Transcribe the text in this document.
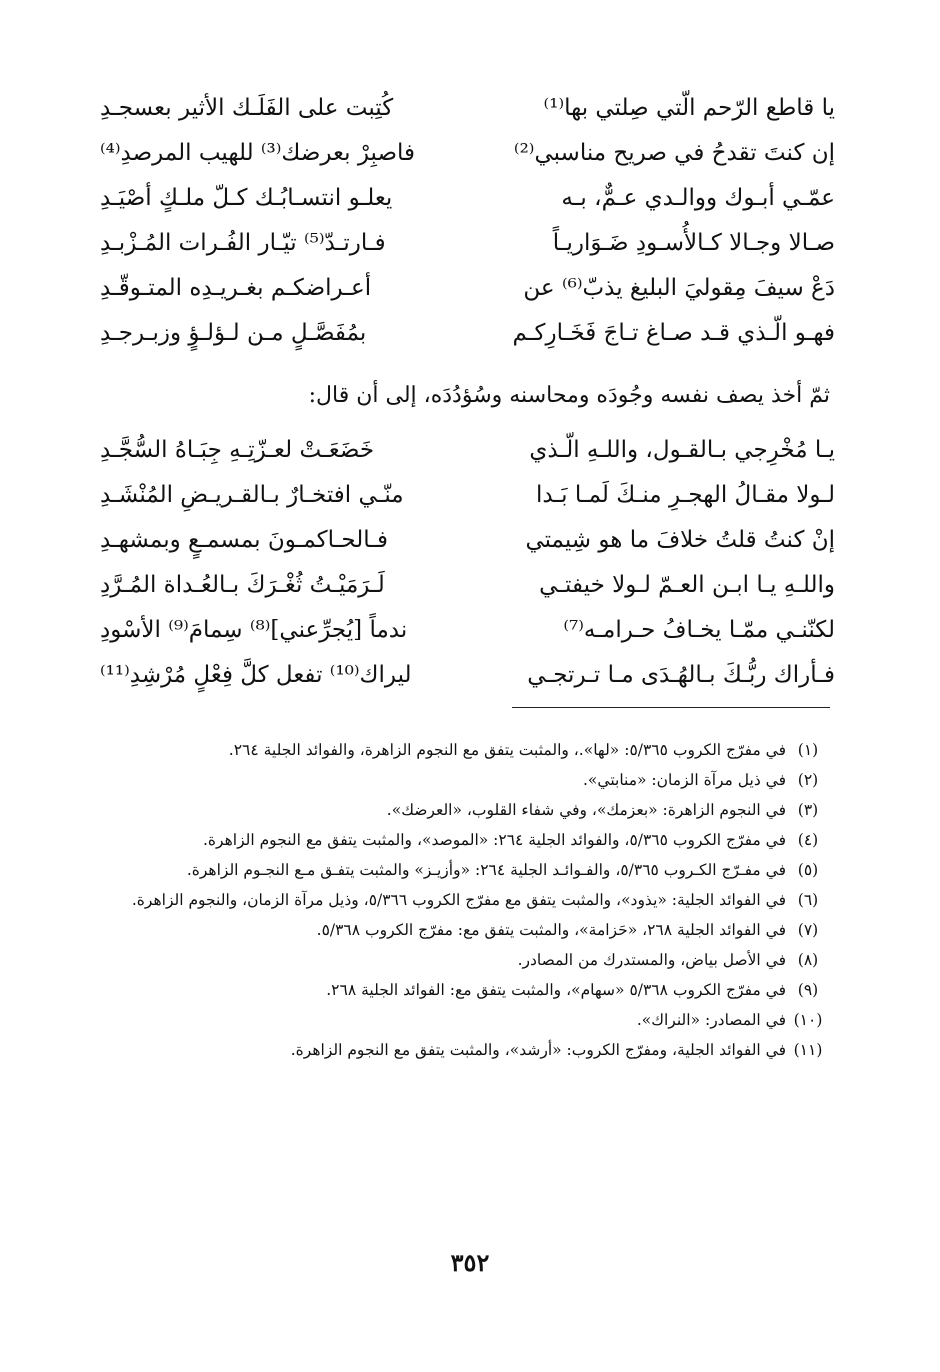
يا قاطع الرّحم الّتي صِلتي بها⁽¹⁾
كُتِبت على الفَلَـك الأثير بعسجـدِ
إن كنتَ تقدحُ في صريح مناسبي⁽²⁾
فاصبِرْ بعرضك⁽³⁾ للهيب المرصدِ⁽⁴⁾
عمّـي أبـوك ووالـدي عـمٌّ، بـه
يعلـو انتسـابُـك كـلّ ملـكٍ أصْيَـدِ
صـالا وجـالا كـالأُسـودِ ضَـوَاريـاً
فـارتـدّ⁽⁵⁾ تيّـار الفُـرات المُـزْبـدِ
دَعْ سيفَ مِقوليَ البليغ يذبّ⁽⁶⁾ عن
أعـراضكـم بغـريـدِه المتـوقّـدِ
فهـو الّـذي قـد صـاغ تـاجَ فَخَـارِكـم
بمُفَصَّـلٍ مـن لـؤلـؤٍ وزبـرجـدِ
ثمّ أخذ يصف نفسه وجُودَه ومحاسنه وسُؤدُدَه، إلى أن قال:
يـا مُخْرِجي بـالقـول، واللـهِ الّـذي
خَضَعَـتْ لعـزّتِـهِ جِبَـاهُ السُّجَّـدِ
لـولا مقـالُ الهجـرِ منـكَ لَمـا بَـدا
منّـي افتخـارٌ بـالقـريـضِ المُنْشَـدِ
إنْ كنتُ قلتُ خلافَ ما هو شِيمتي
فـالحـاكمـونَ بمسمـعٍ وبمشهـدِ
واللـهِ يـا ابـن العـمّ لـولا خيفتـي
لَـرَمَيْـتُ ثُغْـرَكَ بـالعُـداة المُـرَّدِ
لكنّنـي ممّـا يخـافُ حـرامـه⁽⁷⁾
ندماً [يُجرِّعني]⁽⁸⁾ سِمامَ⁽⁹⁾ الأسْودِ
فـأراك ربُّـكَ بـالهُـدَى مـا تـرتجـي
ليراك⁽¹⁰⁾ تفعل كلَّ فِعْلٍ مُرْشِدِ⁽¹¹⁾
(١)
في مفرّج الكروب ٥/٣٦٥: «لها».، والمثبت يتفق مع النجوم الزاهرة، والفوائد الجلية ٢٦٤.
(٢)
في ذيل مرآة الزمان: «منابتي».
(٣)
في النجوم الزاهرة: «بعزمك»، وفي شفاء القلوب، «العرضك».
(٤)
في مفرّج الكروب ٥/٣٦٥، والفوائد الجلية ٢٦٤: «الموصد»، والمثبت يتفق مع النجوم الزاهرة.
(٥)
في مفـرّج الكـروب ٥/٣٦٥، والفـوائـد الجلية ٢٦٤: «وأزيـز» والمثبت يتفـق مـع النجـوم الزاهرة.
(٦)
في الفوائد الجلية: «يذود»، والمثبت يتفق مع مفرّج الكروب ٥/٣٦٦، وذيل مرآة الزمان، والنجوم الزاهرة.
(٧)
في الفوائد الجلية ٢٦٨، «حَزامة»، والمثبت يتفق مع: مفرّج الكروب ٥/٣٦٨.
(٨)
في الأصل بياض، والمستدرك من المصادر.
(٩)
في مفرّج الكروب ٥/٣٦٨ «سهام»، والمثبت يتفق مع: الفوائد الجلية ٢٦٨.
(١٠)
في المصادر: «النراك».
(١١)
في الفوائد الجلية، ومفرّج الكروب: «أرشد»، والمثبت يتفق مع النجوم الزاهرة.
٣٥٢
